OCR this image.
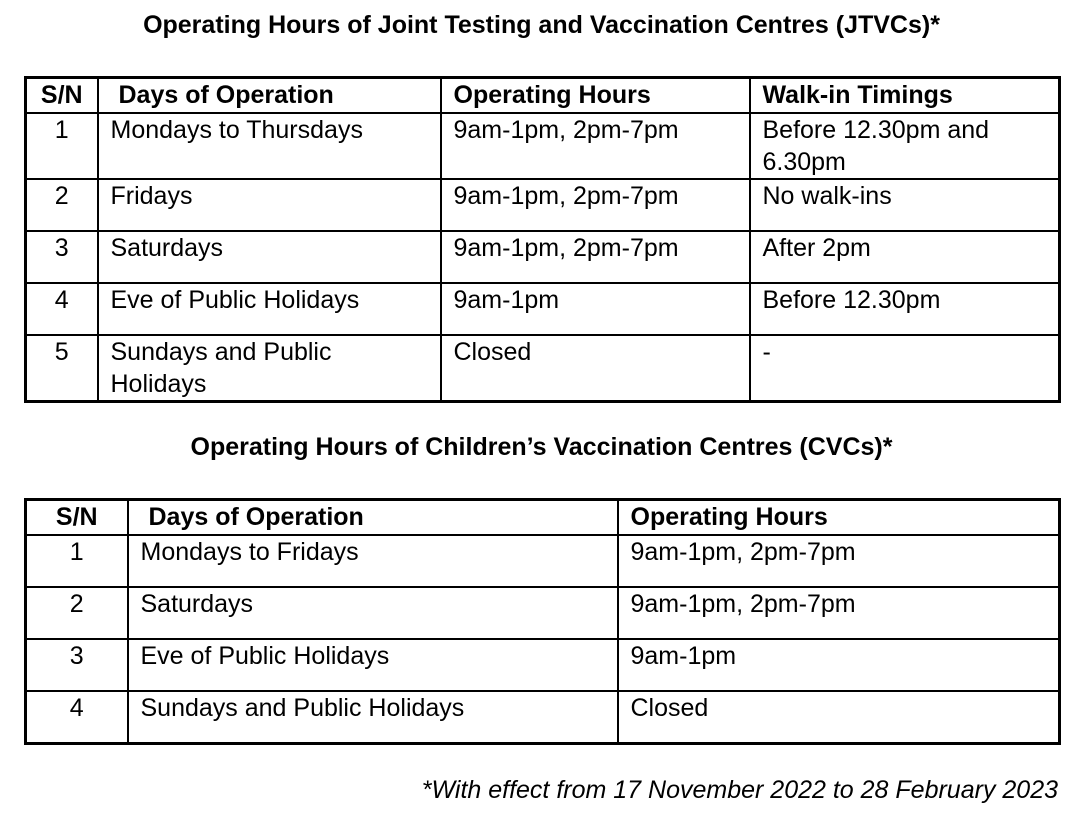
Operating Hours of Joint Testing and Vaccination Centres (JTVCs)*
S/N	Days of Operation	Operating Hours	Walk-in Timings
1	Mondays to Thursdays	9am-1pm, 2pm-7pm	Before 12.30pm and 6.30pm
2	Fridays	9am-1pm, 2pm-7pm	No walk-ins
3	Saturdays	9am-1pm, 2pm-7pm	After 2pm
4	Eve of Public Holidays	9am-1pm	Before 12.30pm
5	Sundays and Public Holidays	Closed	-
Operating Hours of Children’s Vaccination Centres (CVCs)*
S/N	Days of Operation	Operating Hours
1	Mondays to Fridays	9am-1pm, 2pm-7pm
2	Saturdays	9am-1pm, 2pm-7pm
3	Eve of Public Holidays	9am-1pm
4	Sundays and Public Holidays	Closed

*With effect from 17 November 2022 to 28 February 2023
